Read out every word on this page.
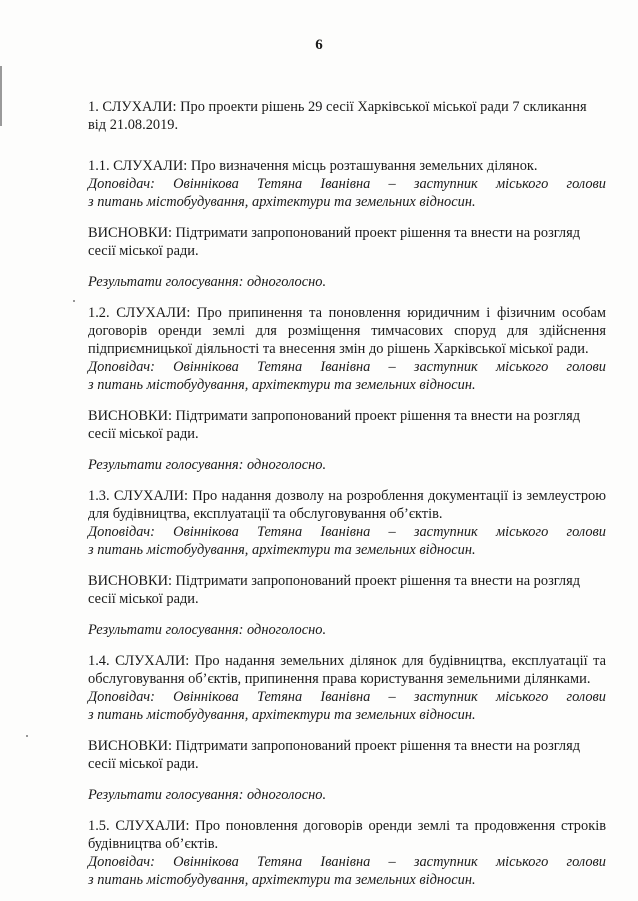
6

1. СЛУХАЛИ: Про проекти рішень 29 сесії Харківської міської ради 7 скликання від 21.08.2019.

1.1. СЛУХАЛИ: Про визначення місць розташування земельних ділянок.
Доповідач: Овіннікова Тетяна Іванівна – заступник міського голови
з питань містобудування, архітектури та земельних відносин.
ВИСНОВКИ: Підтримати запропонований проект рішення та внести на розгляд сесії міської ради.
Результати голосування: одноголосно.
1.2. СЛУХАЛИ: Про припинення та поновлення юридичним і фізичним особам договорів оренди землі для розміщення тимчасових споруд для здійснення підприємницької діяльності та внесення змін до рішень Харківської міської ради.
Доповідач: Овіннікова Тетяна Іванівна – заступник міського голови
з питань містобудування, архітектури та земельних відносин.
ВИСНОВКИ: Підтримати запропонований проект рішення та внести на розгляд сесії міської ради.
Результати голосування: одноголосно.
1.3. СЛУХАЛИ: Про надання дозволу на розроблення документації із землеустрою для будівництва, експлуатації та обслуговування об’єктів.
Доповідач: Овіннікова Тетяна Іванівна – заступник міського голови
з питань містобудування, архітектури та земельних відносин.
ВИСНОВКИ: Підтримати запропонований проект рішення та внести на розгляд сесії міської ради.
Результати голосування: одноголосно.
1.4. СЛУХАЛИ: Про надання земельних ділянок для будівництва, експлуатації та обслуговування об’єктів, припинення права користування земельними ділянками.
Доповідач: Овіннікова Тетяна Іванівна – заступник міського голови
з питань містобудування, архітектури та земельних відносин.
ВИСНОВКИ: Підтримати запропонований проект рішення та внести на розгляд сесії міської ради.
Результати голосування: одноголосно.
1.5. СЛУХАЛИ: Про поновлення договорів оренди землі та продовження строків будівництва об’єктів.
Доповідач: Овіннікова Тетяна Іванівна – заступник міського голови
з питань містобудування, архітектури та земельних відносин.
